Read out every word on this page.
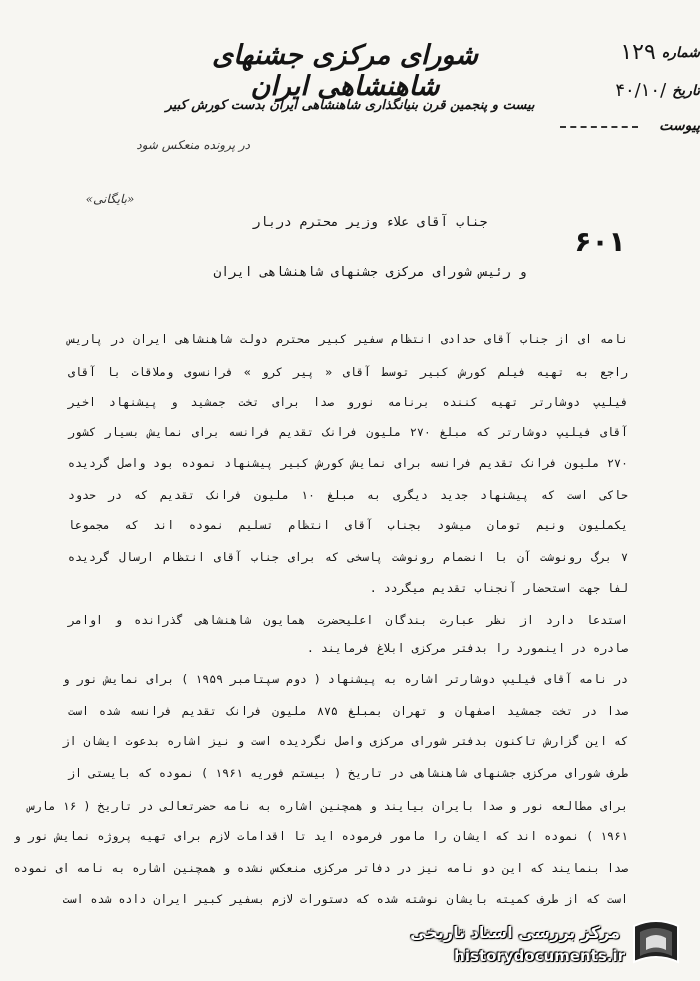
شورای مرکزی جشنهای شاهنشاهی ایران
بیست و پنجمین قرن بنیانگذاری شاهنشاهی ایران بدست کورش کبیر
۱۲۹ شماره
۴۰/۱۰/ تاریخ
پیوست
در پرونده منعکس شود
«بایگانی»
۶۰۱
جناب آقای علاء وزیر محترم دربار
و رئیس شورای مرکزی جشنهای شاهنشاهی ایران
نامه ای از جناب آقای حدادی انتظام سفیر کبیر محترم دولت شاهنشاهی ایران در پاریس
راجع به تهیه فیلم کورش کبیر توسط آقای « پیر کرو » فرانسوی وملاقات با آقای
فیلیپ دوشارتر تهیه کننده برنامه نورو صدا برای تخت جمشید و پیشنهاد اخیر
آقای فیلیپ دوشارتر که مبلغ ۲۷۰ ملیون فرانک تقدیم فرانسه برای نمایش بسیار کشور
۲۷۰ ملیون فرانک تقدیم فرانسه برای نمایش کورش کبیر پیشنهاد نموده بود واصل گردیده
حاکی است که پیشنهاد جدید دیگری به مبلغ ۱۰ ملیون فرانک تقدیم که در حدود
یکملیون ونیم تومان میشود بجناب آقای انتظام تسلیم نموده اند که مجموعا
۷ برگ رونوشت آن با انضمام رونوشت پاسخی که برای جناب آقای انتظام ارسال گردیده
لفا جهت استحضار آنجناب تقدیم میگردد .
استدعا دارد از نظر عبارت بندگان اعلیحضرت همایون شاهنشاهی گذرانده و اوامر
صادره در اینمورد را بدفتر مرکزی ابلاغ فرمایند .
در نامه آقای فیلیپ دوشارتر اشاره به پیشنهاد ( دوم سپتامبر ۱۹۵۹ ) برای نمایش نور و
صدا در تخت جمشید اصفهان و تهران بمبلغ ۸۷۵ ملیون فرانک تقدیم فرانسه شده است
که این گزارش تاکنون بدفتر شورای مرکزی واصل نگردیده است و نیز اشاره بدعوت ایشان از
طرف شورای مرکزی جشنهای شاهنشاهی در تاریخ ( بیستم فوریه ۱۹۶۱ ) نموده که بایستی از
برای مطالعه نور و صدا بایران بیایند و همچنین اشاره به نامه حضرتعالی در تاریخ ( ۱۶ مارس
۱۹۶۱ ) نموده اند که ایشان را مامور فرموده اید تا اقدامات لازم برای تهیه پروژه نمایش نور و
صدا بنمایند که این دو نامه نیز در دفاتر مرکزی منعکس نشده و همچنین اشاره به نامه ای نموده
است که از طرف کمیته بایشان نوشته شده که دستورات لازم بسفیر کبیر ایران داده شده است
مرکز بررسی اسناد تاریخی
historydocuments.ir
